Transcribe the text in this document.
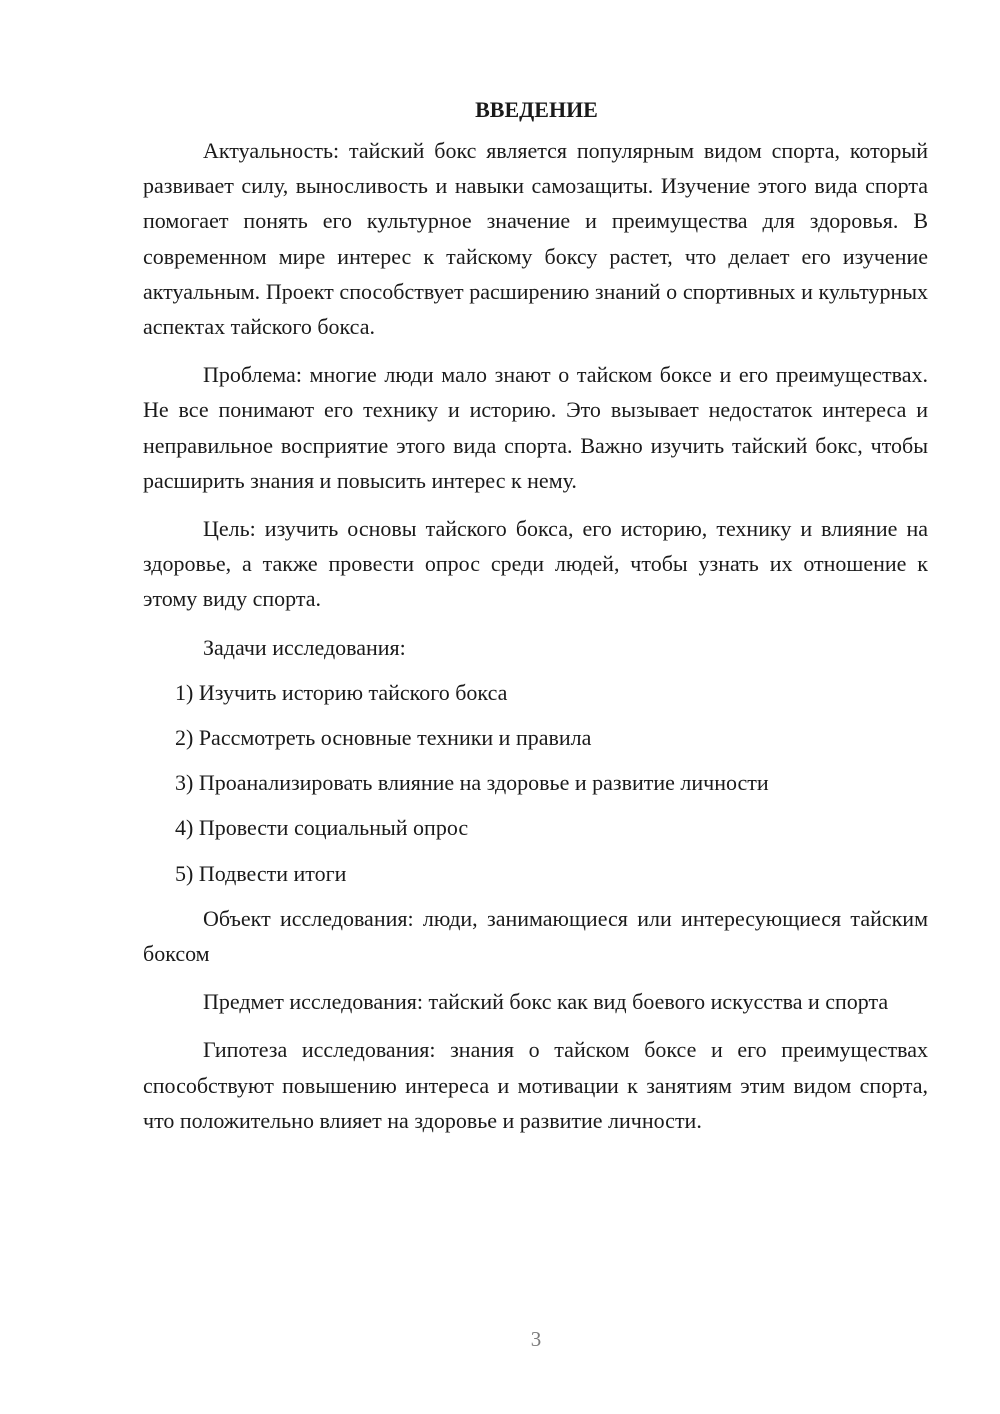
ВВЕДЕНИЕ

Актуальность: тайский бокс является популярным видом спорта, который развивает силу, выносливость и навыки самозащиты. Изучение этого вида спорта помогает понять его культурное значение и преимущества для здоровья. В современном мире интерес к тайскому боксу растет, что делает его изучение актуальным. Проект способствует расширению знаний о спортивных и культурных аспектах тайского бокса.

Проблема: многие люди мало знают о тайском боксе и его преимуществах. Не все понимают его технику и историю. Это вызывает недостаток интереса и неправильное восприятие этого вида спорта. Важно изучить тайский бокс, чтобы расширить знания и повысить интерес к нему.

Цель: изучить основы тайского бокса, его историю, технику и влияние на здоровье, а также провести опрос среди людей, чтобы узнать их отношение к этому виду спорта.

Задачи исследования:

1) Изучить историю тайского бокса
2) Рассмотреть основные техники и правила
3) Проанализировать влияние на здоровье и развитие личности
4) Провести социальный опрос
5) Подвести итоги

Объект исследования: люди, занимающиеся или интересующиеся тайским боксом

Предмет исследования: тайский бокс как вид боевого искусства и спорта

Гипотеза исследования: знания о тайском боксе и его преимуществах способствуют повышению интереса и мотивации к занятиям этим видом спорта, что положительно влияет на здоровье и развитие личности.

3
